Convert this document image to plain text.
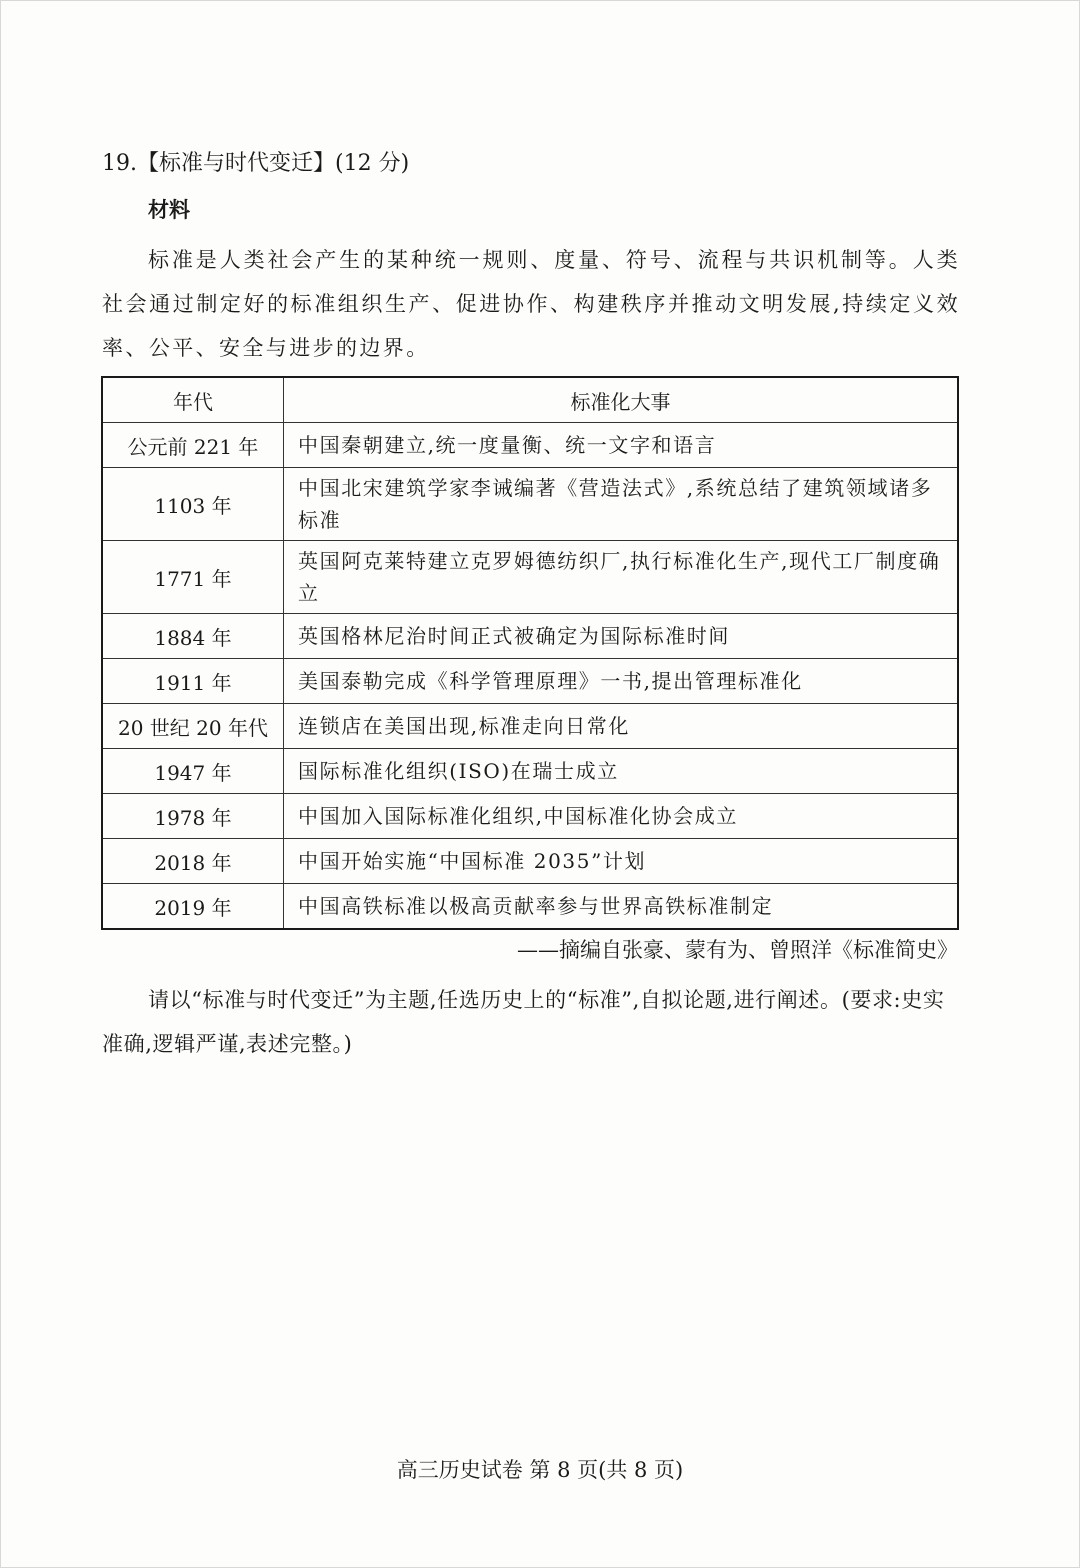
19.【标准与时代变迁】(12 分)
材料

标准是人类社会产生的某种统一规则、度量、符号、流程与共识机制等。人类社会通过制定好的标准组织生产、促进协作、构建秩序并推动文明发展,持续定义效率、公平、安全与进步的边界。

年代	标准化大事
公元前 221 年	中国秦朝建立,统一度量衡、统一文字和语言
1103 年	中国北宋建筑学家李诫编著《营造法式》,系统总结了建筑领域诸多标准
1771 年	英国阿克莱特建立克罗姆德纺织厂,执行标准化生产,现代工厂制度确立
1884 年	英国格林尼治时间正式被确定为国际标准时间
1911 年	美国泰勒完成《科学管理原理》一书,提出管理标准化
20 世纪 20 年代	连锁店在美国出现,标准走向日常化
1947 年	国际标准化组织(ISO)在瑞士成立
1978 年	中国加入国际标准化组织,中国标准化协会成立
2018 年	中国开始实施“中国标准 2035”计划
2019 年	中国高铁标准以极高贡献率参与世界高铁标准制定
——摘编自张豪、蒙有为、曾照洋《标准简史》

请以“标准与时代变迁”为主题,任选历史上的“标准”,自拟论题,进行阐述。(要求:史实准确,逻辑严谨,表述完整。)

高三历史试卷 第 8 页(共 8 页)
